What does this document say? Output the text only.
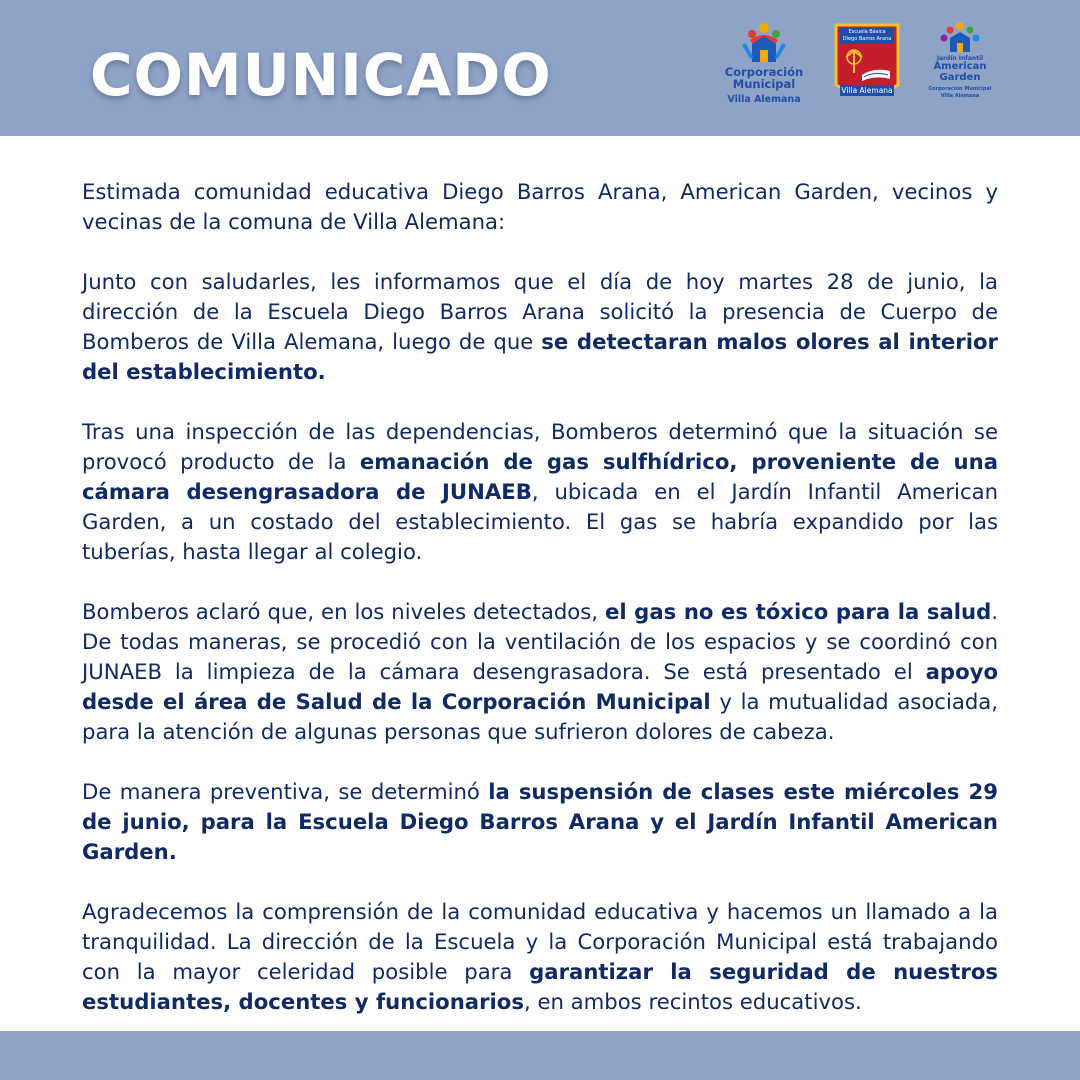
COMUNICADO	Corporación
Municipal
Villa Alemana
Escuela Básica
Diego Barros Arana
Villa Alemana
Jardín Infantil
American
Garden
Corporación Municipal
Villa Alemana

Estimada comunidad educativa Diego Barros Arana, American Garden, vecinos y vecinas de la comuna de Villa Alemana:

Junto con saludarles, les informamos que el día de hoy martes 28 de junio, la dirección de la Escuela Diego Barros Arana solicitó la presencia de Cuerpo de Bomberos de Villa Alemana, luego de que se detectaran malos olores al interior del establecimiento.

Tras una inspección de las dependencias, Bomberos determinó que la situación se provocó producto de la emanación de gas sulfhídrico, proveniente de una cámara desengrasadora de JUNAEB, ubicada en el Jardín Infantil American Garden, a un costado del establecimiento. El gas se habría expandido por las tuberías, hasta llegar al colegio.

Bomberos aclaró que, en los niveles detectados, el gas no es tóxico para la salud. De todas maneras, se procedió con la ventilación de los espacios y se coordinó con JUNAEB la limpieza de la cámara desengrasadora. Se está presentado el apoyo desde el área de Salud de la Corporación Municipal y la mutualidad asociada, para la atención de algunas personas que sufrieron dolores de cabeza.

De manera preventiva, se determinó la suspensión de clases este miércoles 29 de junio, para la Escuela Diego Barros Arana y el Jardín Infantil American Garden.

Agradecemos la comprensión de la comunidad educativa y hacemos un llamado a la tranquilidad. La dirección de la Escuela y la Corporación Municipal está trabajando con la mayor celeridad posible para garantizar la seguridad de nuestros estudiantes, docentes y funcionarios, en ambos recintos educativos.
